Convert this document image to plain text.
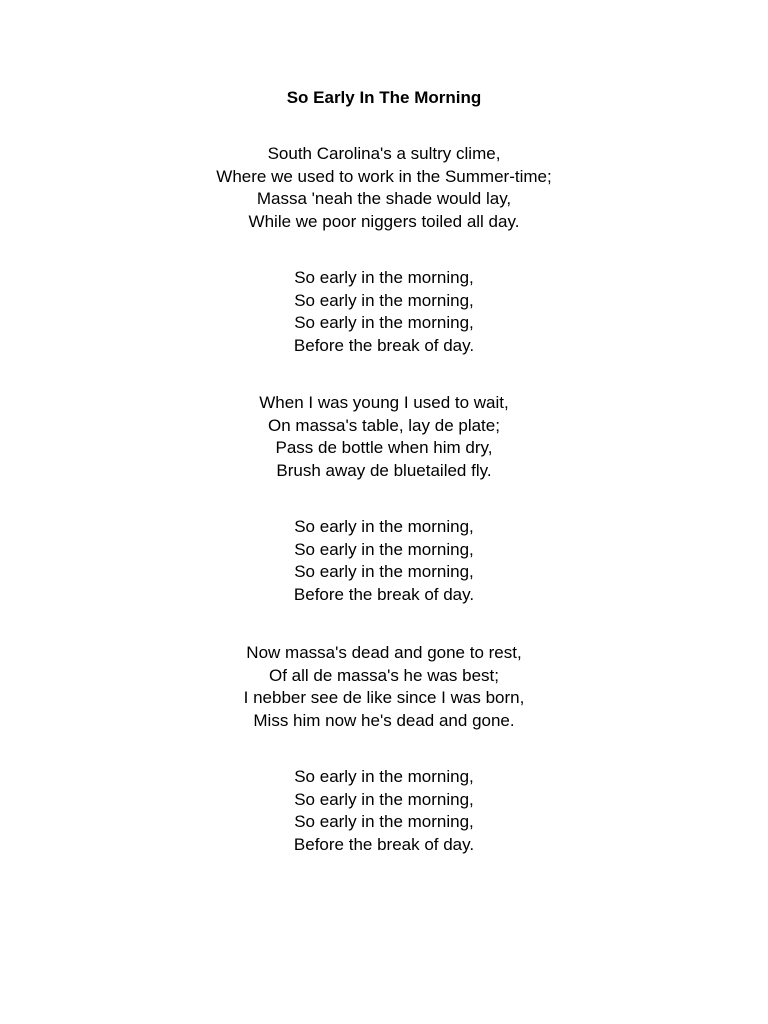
So Early In The Morning
South Carolina's a sultry clime,
Where we used to work in the Summer-time;
Massa 'neah the shade would lay,
While we poor niggers toiled all day.
So early in the morning,
So early in the morning,
So early in the morning,
Before the break of day.
When I was young I used to wait,
On massa's table, lay de plate;
Pass de bottle when him dry,
Brush away de bluetailed fly.
So early in the morning,
So early in the morning,
So early in the morning,
Before the break of day.
Now massa's dead and gone to rest,
Of all de massa's he was best;
I nebber see de like since I was born,
Miss him now he's dead and gone.
So early in the morning,
So early in the morning,
So early in the morning,
Before the break of day.
